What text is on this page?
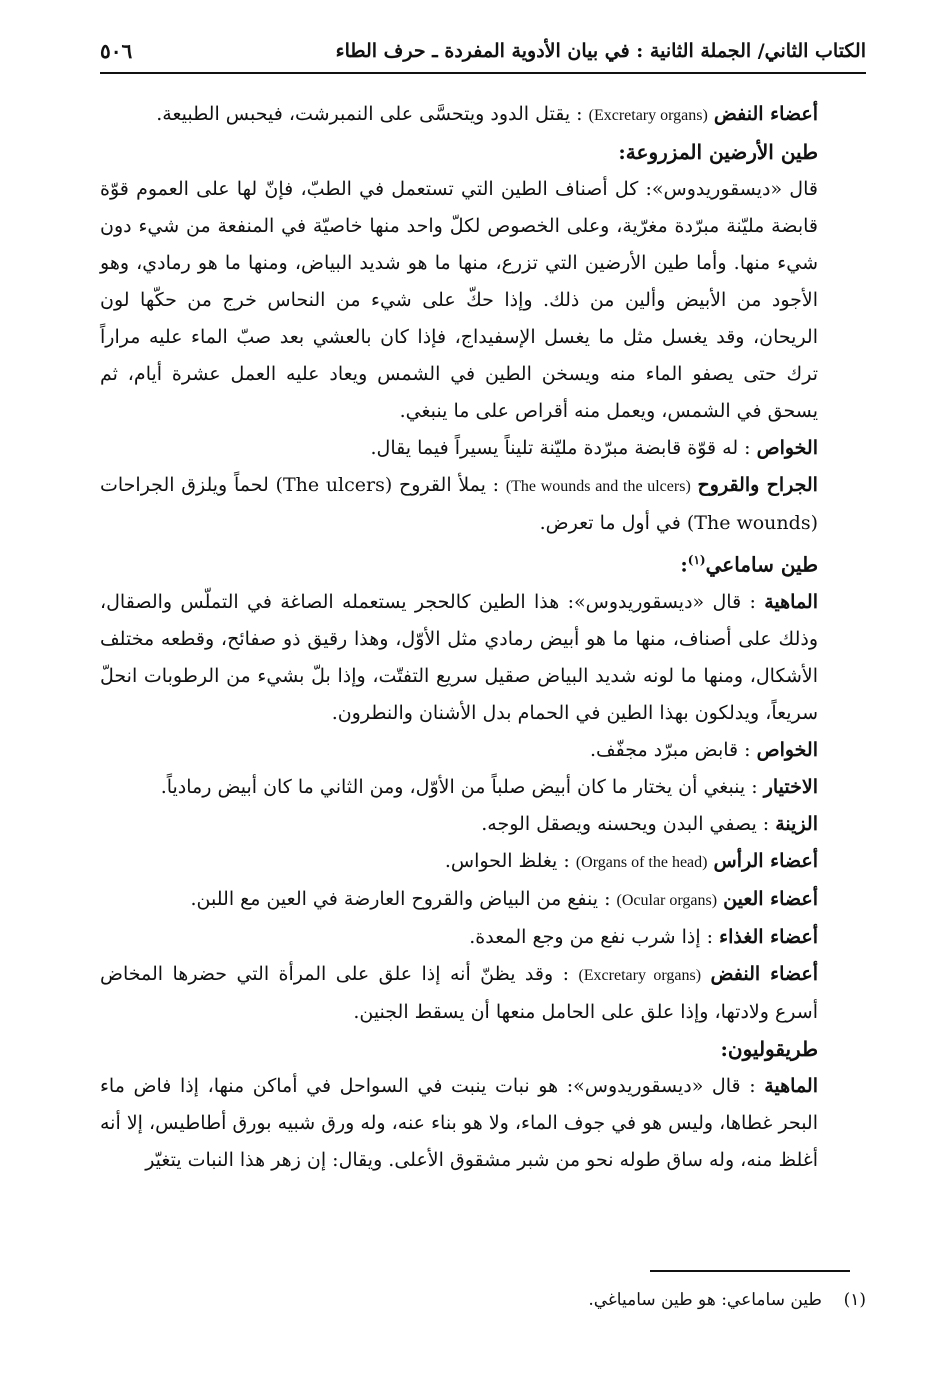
الكتاب الثاني/ الجملة الثانية : في بيان الأدوية المفردة ـ حرف الطاء
٥٠٦

أعضاء النفض (Excretary organs) : يقتل الدود ويتحسَّى على النمبرشت، فيحبس الطبيعة.

طين الأرضين المزروعة:

قال «ديسقوريدوس»: كل أصناف الطين التي تستعمل في الطبّ، فإنّ لها على العموم قوّة قابضة مليّنة مبرّدة مغرّية، وعلى الخصوص لكلّ واحد منها خاصيّة في المنفعة من شيء دون شيء منها. وأما طين الأرضين التي تزرع، منها ما هو شديد البياض، ومنها ما هو رمادي، وهو الأجود من الأبيض وألين من ذلك. وإذا حكّ على شيء من النحاس خرج من حكّها لون الريحان، وقد يغسل مثل ما يغسل الإسفيداج، فإذا كان بالعشي بعد صبّ الماء عليه مراراً ترك حتى يصفو الماء منه ويسخن الطين في الشمس ويعاد عليه العمل عشرة أيام، ثم يسحق في الشمس، ويعمل منه أقراص على ما ينبغي.

الخواص : له قوّة قابضة مبرّدة مليّنة تليناً يسيراً فيما يقال.

الجراح والقروح (The wounds and the ulcers) : يملأ القروح (The ulcers) لحماً ويلزق الجراحات (The wounds) في أول ما تعرض.

طين ساماعي$^{(١)}$:

الماهية : قال «ديسقوريدوس»: هذا الطين كالحجر يستعمله الصاغة في التملّس والصقال، وذلك على أصناف، منها ما هو أبيض رمادي مثل الأوّل، وهذا رقيق ذو صفائح، وقطعه مختلف الأشكال، ومنها ما لونه شديد البياض صقيل سريع التفتّت، وإذا بلّ بشيء من الرطوبات انحلّ سريعاً، ويدلكون بهذا الطين في الحمام بدل الأشنان والنطرون.

الخواص : قابض مبرّد مجفّف.

الاختيار : ينبغي أن يختار ما كان أبيض صلباً من الأوّل، ومن الثاني ما كان أبيض رمادياً.

الزينة : يصفي البدن ويحسنه ويصقل الوجه.

أعضاء الرأس (Organs of the head) : يغلظ الحواس.

أعضاء العين (Ocular organs) : ينفع من البياض والقروح العارضة في العين مع اللبن.

أعضاء الغذاء : إذا شرب نفع من وجع المعدة.

أعضاء النفض (Excretary organs) : وقد يظنّ أنه إذا علق على المرأة التي حضرها المخاض أسرع ولادتها، وإذا علق على الحامل منعها أن يسقط الجنين.

طريقوليون:

الماهية : قال «ديسقوريدوس»: هو نبات ينبت في السواحل في أماكن منها، إذا فاض ماء البحر غطاها، وليس هو في جوف الماء، ولا هو بناء عنه، وله ورق شبيه بورق أطاطيس، إلا أنه أغلظ منه، وله ساق طوله نحو من شبر مشقوق الأعلى. ويقال: إن زهر هذا النبات يتغيّر

(١)    طين ساماعي: هو طين سامياغي.
